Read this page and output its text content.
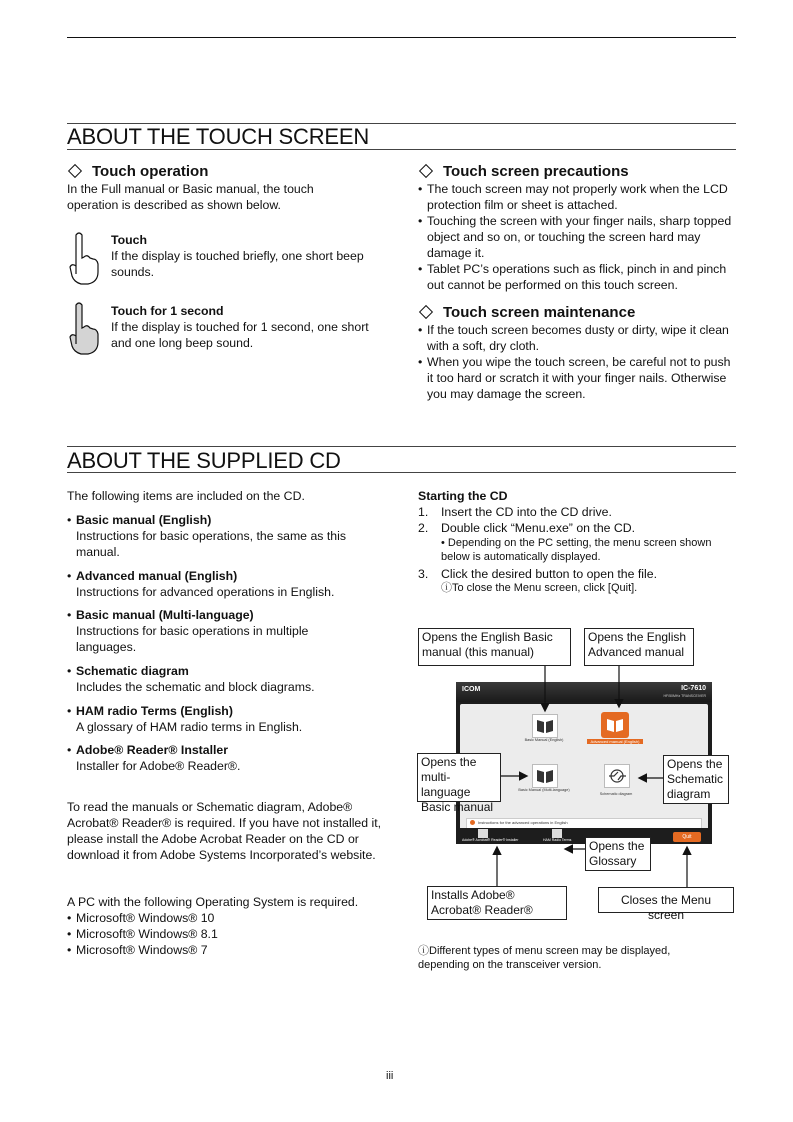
ABOUT THE TOUCH SCREEN
Touch operation
In the Full manual or Basic manual, the touch operation is described as shown below.
Touch
If the display is touched briefly, one short beep sounds.
Touch for 1 second
If the display is touched for 1 second, one short and one long beep sound.
Touch screen precautions
• The touch screen may not properly work when the LCD protection film or sheet is attached.
• Touching the screen with your finger nails, sharp topped object and so on, or touching the screen hard may damage it.
• Tablet PC’s operations such as flick, pinch in and pinch out cannot be performed on this touch screen.
Touch screen maintenance
• If the touch screen becomes dusty or dirty, wipe it clean with a soft, dry cloth.
• When you wipe the touch screen, be careful not to push it too hard or scratch it with your finger nails. Otherwise you may damage the screen.
ABOUT THE SUPPLIED CD
The following items are included on the CD.
• Basic manual (English)
Instructions for basic operations, the same as this manual.
• Advanced manual (English)
Instructions for advanced operations in English.
• Basic manual (Multi-language)
Instructions for basic operations in multiple languages.
• Schematic diagram
Includes the schematic and block diagrams.
• HAM radio Terms (English)
A glossary of HAM radio terms in English.
• Adobe® Reader® Installer
Installer for Adobe® Reader®.
To read the manuals or Schematic diagram, Adobe® Acrobat® Reader® is required. If you have not installed it, please install the Adobe Acrobat Reader on the CD or download it from Adobe Systems Incorporated’s website.
A PC with the following Operating System is required.
• Microsoft® Windows® 10
• Microsoft® Windows® 8.1
• Microsoft® Windows® 7
Starting the CD
1. Insert the CD into the CD drive.
2. Double click “Menu.exe” on the CD.
• Depending on the PC setting, the menu screen shown below is automatically displayed.
3. Click the desired button to open the file.
ⓘTo close the Menu screen, click [Quit].
ICOM	IC-7610
HF/50MHz TRANSCEIVER
Basic Manual (English)	Advanced manual (English)
Basic Manual (Multi-language)
Schematic diagram
Instructions for the advanced operations in English
Opens the English Basic manual (this manual)
Opens the English Advanced manual
Opens the multi-language Basic manual
Opens the Schematic diagram
Opens the Glossary
Installs Adobe® Acrobat® Reader®
Closes the Menu screen
Adobe® Acrobat® Reader® Installer	HAM Radio Terms	Quit
ⓘDifferent types of menu screen may be displayed, depending on the transceiver version.
iii
